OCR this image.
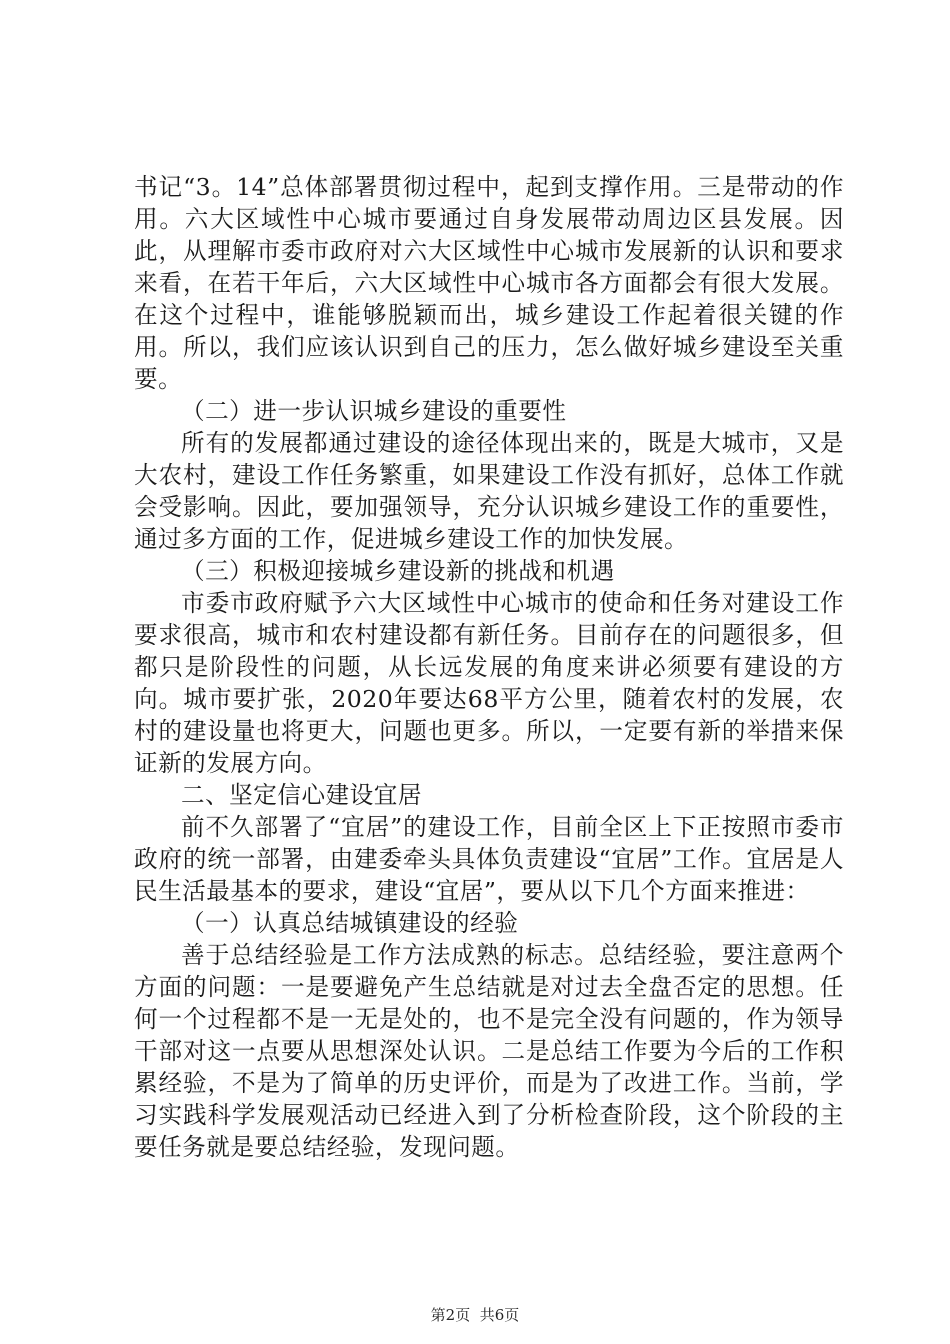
书记“3。14”总体部署贯彻过程中，起到支撑作用。三是带动的作用。六大区域性中心城市要通过自身发展带动周边区县发展。因此，从理解市委市政府对六大区域性中心城市发展新的认识和要求来看，在若干年后，六大区域性中心城市各方面都会有很大发展。在这个过程中，谁能够脱颖而出，城乡建设工作起着很关键的作用。所以，我们应该认识到自己的压力，怎么做好城乡建设至关重要。

（二）进一步认识城乡建设的重要性

所有的发展都通过建设的途径体现出来的，既是大城市，又是大农村，建设工作任务繁重，如果建设工作没有抓好，总体工作就会受影响。因此，要加强领导，充分认识城乡建设工作的重要性，通过多方面的工作，促进城乡建设工作的加快发展。

（三）积极迎接城乡建设新的挑战和机遇

市委市政府赋予六大区域性中心城市的使命和任务对建设工作要求很高，城市和农村建设都有新任务。目前存在的问题很多，但都只是阶段性的问题，从长远发展的角度来讲必须要有建设的方向。城市要扩张，2020年要达68平方公里，随着农村的发展，农村的建设量也将更大，问题也更多。所以，一定要有新的举措来保证新的发展方向。

二、坚定信心建设宜居

前不久部署了“宜居”的建设工作，目前全区上下正按照市委市政府的统一部署，由建委牵头具体负责建设“宜居”工作。宜居是人民生活最基本的要求，建设“宜居”，要从以下几个方面来推进：

（一）认真总结城镇建设的经验

善于总结经验是工作方法成熟的标志。总结经验，要注意两个方面的问题：一是要避免产生总结就是对过去全盘否定的思想。任何一个过程都不是一无是处的，也不是完全没有问题的，作为领导干部对这一点要从思想深处认识。二是总结工作要为今后的工作积累经验，不是为了简单的历史评价，而是为了改进工作。当前，学习实践科学发展观活动已经进入到了分析检查阶段，这个阶段的主要任务就是要总结经验，发现问题。

第2页 共6页
